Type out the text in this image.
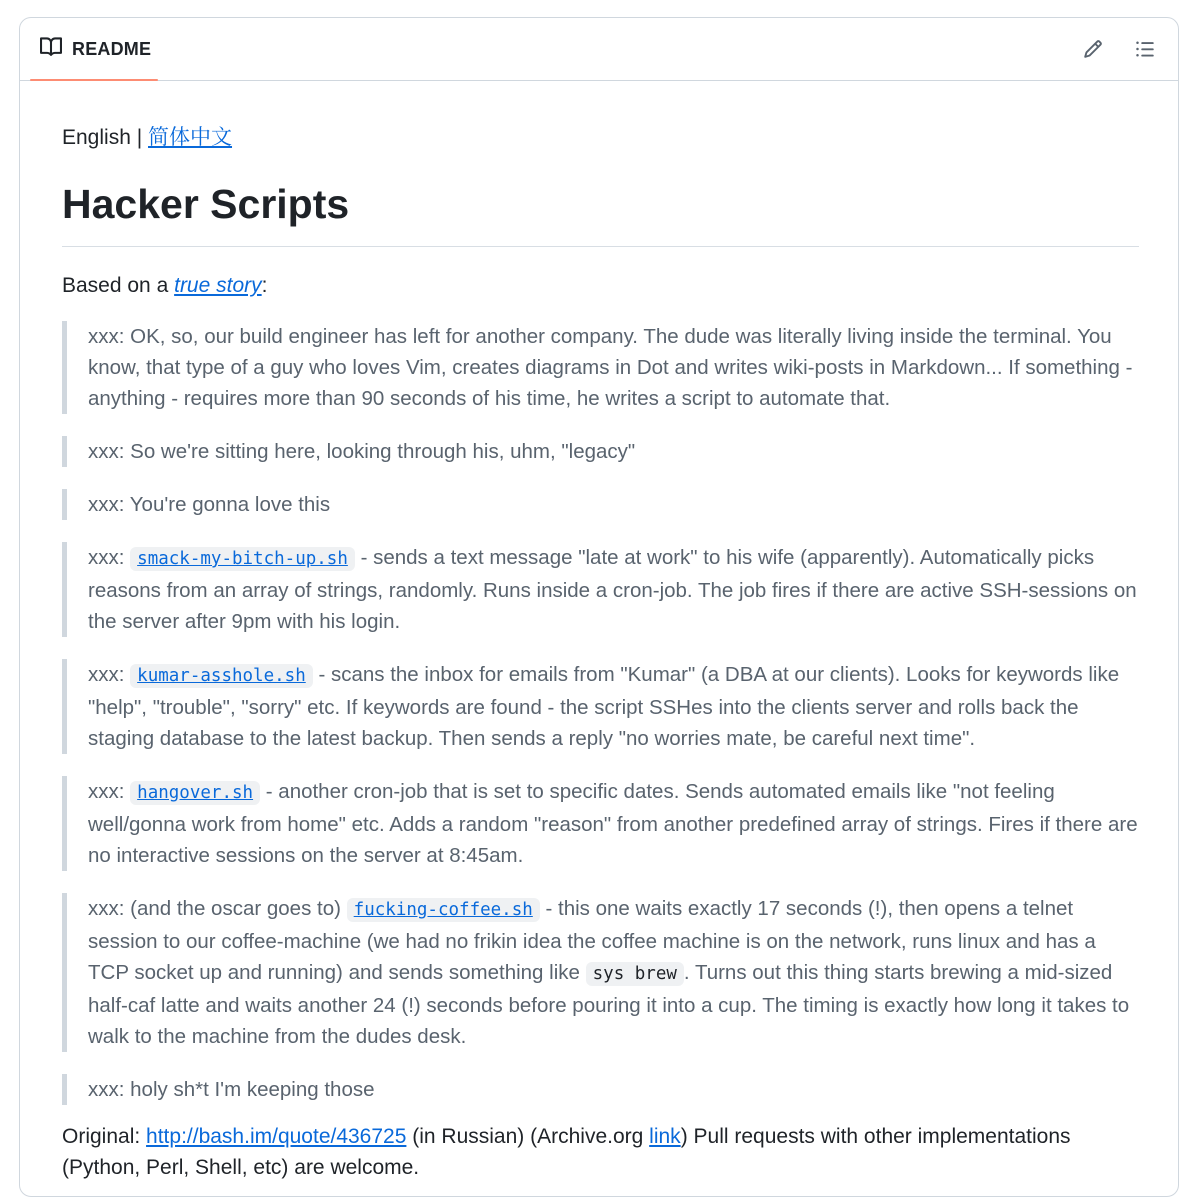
README
English | 简体中文
Hacker Scripts
Based on a true story:
xxx: OK, so, our build engineer has left for another company. The dude was literally living inside the terminal. You know, that type of a guy who loves Vim, creates diagrams in Dot and writes wiki-posts in Markdown... If something - anything - requires more than 90 seconds of his time, he writes a script to automate that.
xxx: So we're sitting here, looking through his, uhm, "legacy"
xxx: You're gonna love this
xxx: smack-my-bitch-up.sh - sends a text message "late at work" to his wife (apparently). Automatically picks reasons from an array of strings, randomly. Runs inside a cron-job. The job fires if there are active SSH-sessions on the server after 9pm with his login.
xxx: kumar-asshole.sh - scans the inbox for emails from "Kumar" (a DBA at our clients). Looks for keywords like "help", "trouble", "sorry" etc. If keywords are found - the script SSHes into the clients server and rolls back the staging database to the latest backup. Then sends a reply "no worries mate, be careful next time".
xxx: hangover.sh - another cron-job that is set to specific dates. Sends automated emails like "not feeling well/gonna work from home" etc. Adds a random "reason" from another predefined array of strings. Fires if there are no interactive sessions on the server at 8:45am.
xxx: (and the oscar goes to) fucking-coffee.sh - this one waits exactly 17 seconds (!), then opens a telnet session to our coffee-machine (we had no frikin idea the coffee machine is on the network, runs linux and has a TCP socket up and running) and sends something like sys brew . Turns out this thing starts brewing a mid-sized half-caf latte and waits another 24 (!) seconds before pouring it into a cup. The timing is exactly how long it takes to walk to the machine from the dudes desk.
xxx: holy sh*t I'm keeping those
Original: http://bash.im/quote/436725 (in Russian) (Archive.org link) Pull requests with other implementations (Python, Perl, Shell, etc) are welcome.
